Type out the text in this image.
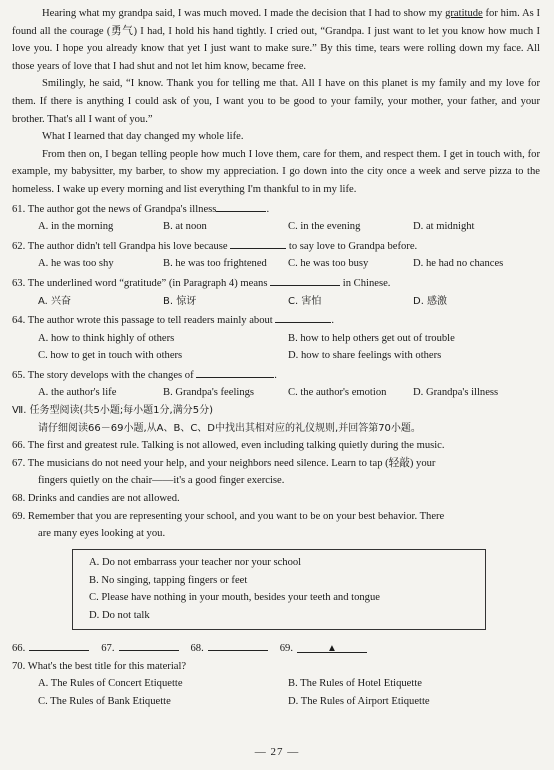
Hearing what my grandpa said, I was much moved. I made the decision that I had to show my gratitude for him. As I found all the courage (勇气) I had, I hold his hand tightly. I cried out, “Grandpa. I just want to let you know how much I love you. I hope you already know that yet I just want to make sure.” By this time, tears were rolling down my face. All those years of love that I had shut and not let him know, became free.

Smilingly, he said, “I know. Thank you for telling me that. All I have on this planet is my family and my love for them. If there is anything I could ask of you, I want you to be good to your family, your mother, your father, and your brother. That's all I want of you.”

What I learned that day changed my whole life.

From then on, I began telling people how much I love them, care for them, and respect them. I get in touch with, for example, my babysitter, my barber, to show my appreciation. I go down into the city once a week and serve pizza to the homeless. I wake up every morning and list everything I'm thankful to in my life.

61. The author got the news of Grandpa's illness	.

A. in the morning	B. at noon	C. in the evening	D. at midnight

62. The author didn't tell Grandpa his love because	to say love to Grandpa before.

A. he was too shy	B. he was too frightened	C. he was too busy	D. he had no chances

63. The underlined word “gratitude” (in Paragraph 4) means	in Chinese.

A. 兴奋	B. 惊讶	C. 害怕	D. 感激

64. The author wrote this passage to tell readers mainly about	.

A. how to think highly of others	B. how to help others get out of trouble
C. how to get in touch with others	D. how to share feelings with others

65. The story develops with the changes of	.

A. the author's life	B. Grandpa's feelings	C. the author's emotion	D. Grandpa's illness

Ⅶ. 任务型阅读(共5小题;每小题1分,满分5分)

请仔细阅读66－69小题,从A、B、C、D中找出其相对应的礼仪规则,并回答第70小题。

66. The first and greatest rule. Talking is not allowed, even including talking quietly during the music.

67. The musicians do not need your help, and your neighbors need silence. Learn to tap (轻敲) your

fingers quietly on the chair——it's a good finger exercise.

68. Drinks and candies are not allowed.

69. Remember that you are representing your school, and you want to be on your best behavior. There

are many eyes looking at you.

A. Do not embarrass your teacher nor your school

B. No singing, tapping fingers or feet

C. Please have nothing in your mouth, besides your teeth and tongue

D. Do not talk

66.	67.	68.	69.	▲

70. What's the best title for this material?

A. The Rules of Concert Etiquette	B. The Rules of Hotel Etiquette
C. The Rules of Bank Etiquette	D. The Rules of Airport Etiquette
— 27 —
